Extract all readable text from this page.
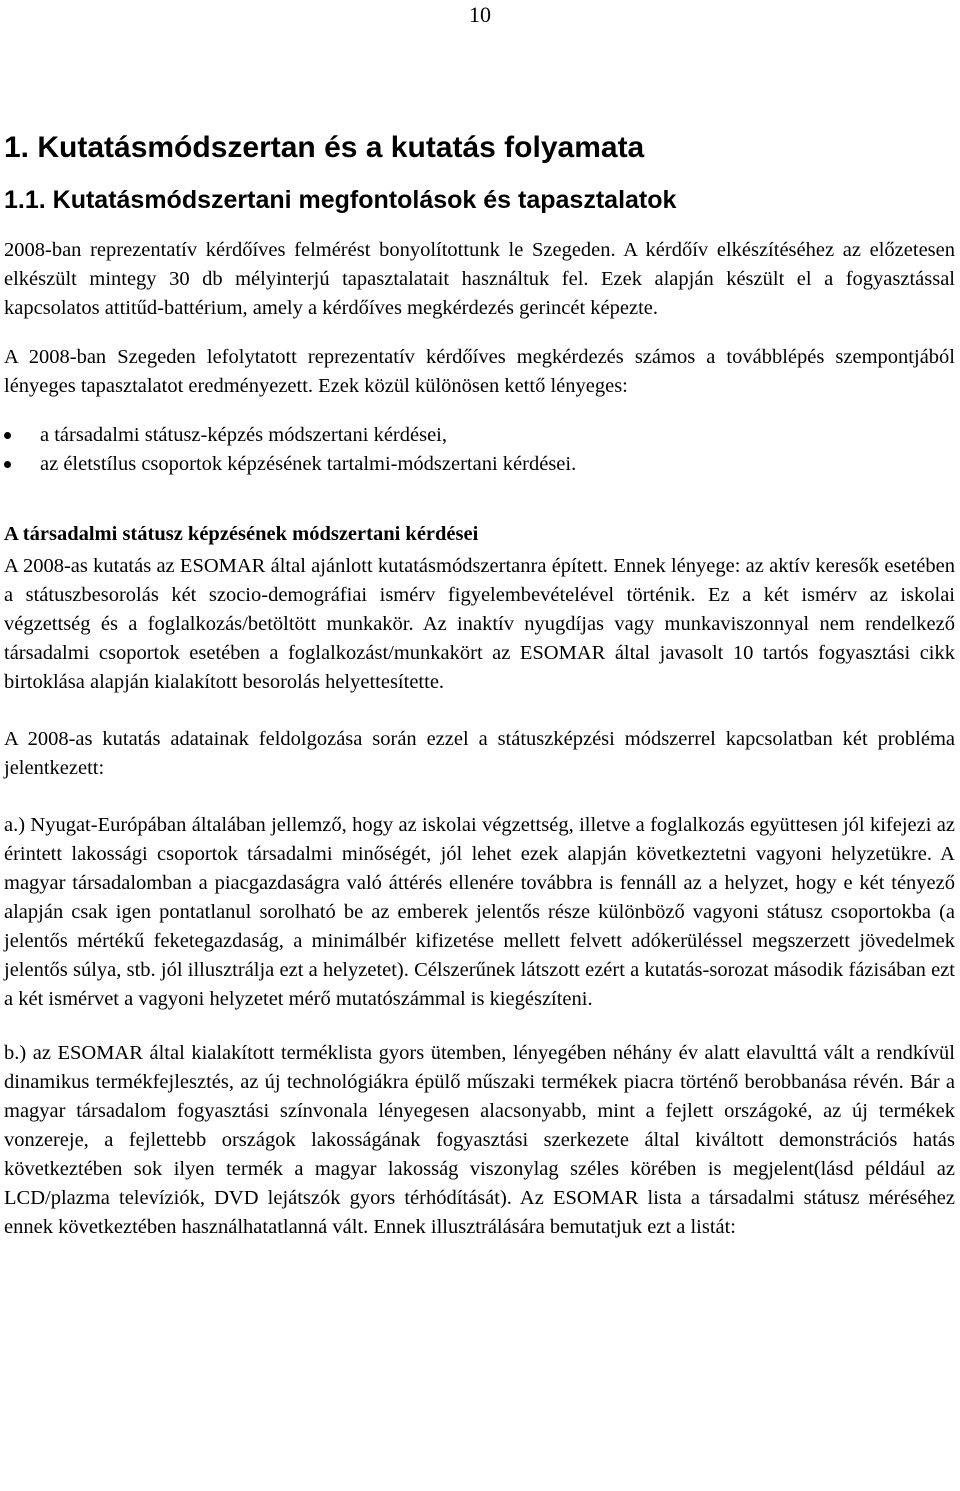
10
1. Kutatásmódszertan és a kutatás folyamata
1.1. Kutatásmódszertani megfontolások és tapasztalatok

2008-ban reprezentatív kérdőíves felmérést bonyolítottunk le Szegeden. A kérdőív elkészítéséhez az előzetesen elkészült mintegy 30 db mélyinterjú tapasztalatait használtuk fel. Ezek alapján készült el a fogyasztással kapcsolatos attitűd-battérium, amely a kérdőíves megkérdezés gerincét képezte.

A 2008-ban Szegeden lefolytatott reprezentatív kérdőíves megkérdezés számos a továbblépés szempontjából lényeges tapasztalatot eredményezett. Ezek közül különösen kettő lényeges:

a társadalmi státusz-képzés módszertani kérdései,
az életstílus csoportok képzésének tartalmi-módszertani kérdései.
A társadalmi státusz képzésének módszertani kérdései

A 2008-as kutatás az ESOMAR által ajánlott kutatásmódszertanra épített. Ennek lényege: az aktív keresők esetében a státuszbesorolás két szocio-demográfiai ismérv figyelembevételével történik. Ez a két ismérv az iskolai végzettség és a foglalkozás/betöltött munkakör. Az inaktív nyugdíjas vagy munkaviszonnyal nem rendelkező társadalmi csoportok esetében a foglalkozást/munkakört az ESOMAR által javasolt 10 tartós fogyasztási cikk birtoklása alapján kialakított besorolás helyettesítette.

A 2008-as kutatás adatainak feldolgozása során ezzel a státuszképzési módszerrel kapcsolatban két probléma jelentkezett:

a.) Nyugat-Európában általában jellemző, hogy az iskolai végzettség, illetve a foglalkozás együttesen jól kifejezi az érintett lakossági csoportok társadalmi minőségét, jól lehet ezek alapján következtetni vagyoni helyzetükre. A magyar társadalomban a piacgazdaságra való áttérés ellenére továbbra is fennáll az a helyzet, hogy e két tényező alapján csak igen pontatlanul sorolható be az emberek jelentős része különböző vagyoni státusz csoportokba (a jelentős mértékű feketegazdaság, a minimálbér kifizetése mellett felvett adókerüléssel megszerzett jövedelmek jelentős súlya, stb. jól illusztrálja ezt a helyzetet). Célszerűnek látszott ezért a kutatás-sorozat második fázisában ezt a két ismérvet a vagyoni helyzetet mérő mutatószámmal is kiegészíteni.

b.) az ESOMAR által kialakított terméklista gyors ütemben, lényegében néhány év alatt elavulttá vált a rendkívül dinamikus termékfejlesztés, az új technológiákra épülő műszaki termékek piacra történő berobbanása révén. Bár a magyar társadalom fogyasztási színvonala lényegesen alacsonyabb, mint a fejlett országoké, az új termékek vonzereje, a fejlettebb országok lakosságának fogyasztási szerkezete által kiváltott demonstrációs hatás következtében sok ilyen termék a magyar lakosság viszonylag széles körében is megjelent(lásd például az LCD/plazma televíziók, DVD lejátszók gyors térhódítását). Az ESOMAR lista a társadalmi státusz méréséhez ennek következtében használhatatlanná vált. Ennek illusztrálására bemutatjuk ezt a listát:
